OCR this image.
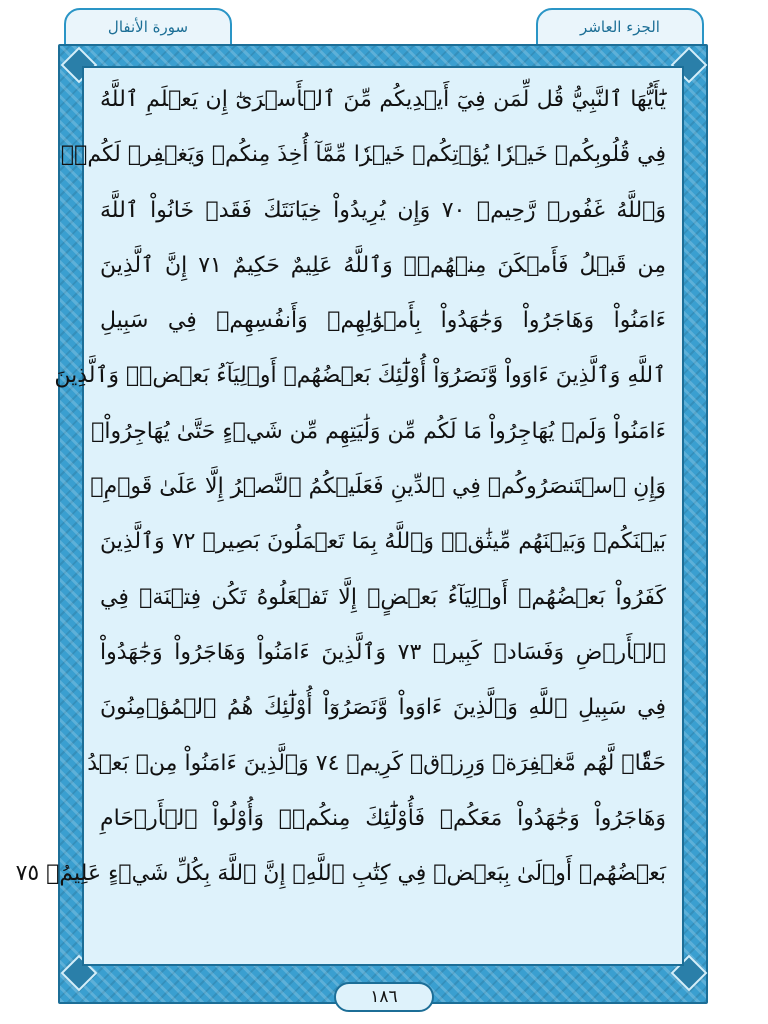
الجزء العاشر
سورة الأنفال
يَٰٓأَيُّهَا ٱلنَّبِيُّ قُل لِّمَن فِيٓ أَيۡدِيكُم مِّنَ ٱلۡأَسۡرَىٰٓ إِن يَعۡلَمِ ٱللَّهُ
فِي قُلُوبِكُمۡ خَيۡرٗا يُؤۡتِكُمۡ خَيۡرٗا مِّمَّآ أُخِذَ مِنكُمۡ وَيَغۡفِرۡ لَكُمۡۚ
وَٱللَّهُ غَفُورٞ رَّحِيمٞ ٧٠ وَإِن يُرِيدُواْ خِيَانَتَكَ فَقَدۡ خَانُواْ ٱللَّهَ
مِن قَبۡلُ فَأَمۡكَنَ مِنۡهُمۡۗ وَٱللَّهُ عَلِيمٌ حَكِيمٌ ٧١ إِنَّ ٱلَّذِينَ
ءَامَنُواْ وَهَاجَرُواْ وَجَٰهَدُواْ بِأَمۡوَٰلِهِمۡ وَأَنفُسِهِمۡ فِي سَبِيلِ
ٱللَّهِ وَٱلَّذِينَ ءَاوَواْ وَّنَصَرُوٓاْ أُوْلَٰٓئِكَ بَعۡضُهُمۡ أَوۡلِيَآءُ بَعۡضٖۚ وَٱلَّذِينَ
ءَامَنُواْ وَلَمۡ يُهَاجِرُواْ مَا لَكُم مِّن وَلَٰيَتِهِم مِّن شَيۡءٍ حَتَّىٰ يُهَاجِرُواْۚ
وَإِنِ ٱسۡتَنصَرُوكُمۡ فِي ٱلدِّينِ فَعَلَيۡكُمُ ٱلنَّصۡرُ إِلَّا عَلَىٰ قَوۡمِۭ
بَيۡنَكُمۡ وَبَيۡنَهُم مِّيثَٰقٞۗ وَٱللَّهُ بِمَا تَعۡمَلُونَ بَصِيرٞ ٧٢ وَٱلَّذِينَ
كَفَرُواْ بَعۡضُهُمۡ أَوۡلِيَآءُ بَعۡضٍۚ إِلَّا تَفۡعَلُوهُ تَكُن فِتۡنَةٞ فِي
ٱلۡأَرۡضِ وَفَسَادٞ كَبِيرٞ ٧٣ وَٱلَّذِينَ ءَامَنُواْ وَهَاجَرُواْ وَجَٰهَدُواْ
فِي سَبِيلِ ٱللَّهِ وَٱلَّذِينَ ءَاوَواْ وَّنَصَرُوٓاْ أُوْلَٰٓئِكَ هُمُ ٱلۡمُؤۡمِنُونَ
حَقّٗاۚ لَّهُم مَّغۡفِرَةٞ وَرِزۡقٞ كَرِيمٞ ٧٤ وَٱلَّذِينَ ءَامَنُواْ مِنۢ بَعۡدُ
وَهَاجَرُواْ وَجَٰهَدُواْ مَعَكُمۡ فَأُوْلَٰٓئِكَ مِنكُمۡۚ وَأُوْلُواْ ٱلۡأَرۡحَامِ
بَعۡضُهُمۡ أَوۡلَىٰ بِبَعۡضٖ فِي كِتَٰبِ ٱللَّهِۚ إِنَّ ٱللَّهَ بِكُلِّ شَيۡءٍ عَلِيمُۢ ٧٥
١٨٦
